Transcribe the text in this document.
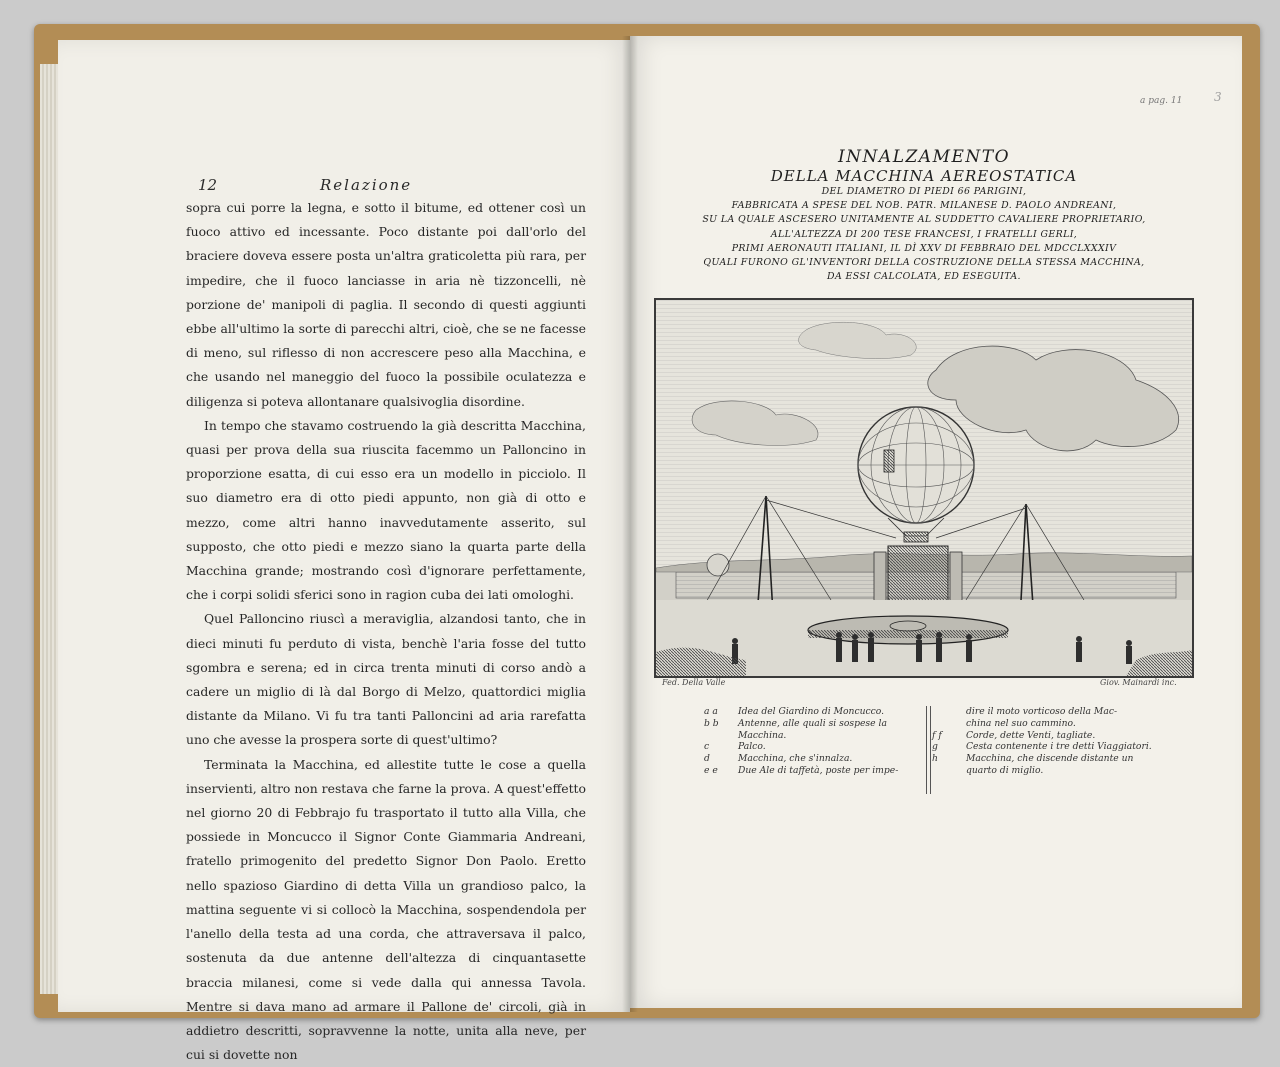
12	Relazione

sopra cui porre la legna, e sotto il bitume, ed ottener così un fuoco attivo ed incessante. Poco distante poi dall'orlo del braciere doveva essere posta un'altra graticoletta più rara, per impedire, che il fuoco lanciasse in aria nè tizzoncelli, nè porzione de' manipoli di paglia. Il secondo di questi aggiunti ebbe all'ultimo la sorte di parecchi altri, cioè, che se ne facesse di meno, sul riflesso di non accrescere peso alla Macchina, e che usando nel maneggio del fuoco la possibile oculatezza e diligenza si poteva allontanare qualsivoglia disordine.

In tempo che stavamo costruendo la già descritta Macchina, quasi per prova della sua riuscita facemmo un Palloncino in proporzione esatta, di cui esso era un modello in picciolo. Il suo diametro era di otto piedi appunto, non già di otto e mezzo, come altri hanno inavvedutamente asserito, sul supposto, che otto piedi e mezzo siano la quarta parte della Macchina grande; mostrando così d'ignorare perfettamente, che i corpi solidi sferici sono in ragion cuba dei lati omologhi.

Quel Palloncino riuscì a meraviglia, alzandosi tanto, che in dieci minuti fu perduto di vista, benchè l'aria fosse del tutto sgombra e serena; ed in circa trenta minuti di corso andò a cadere un miglio di là dal Borgo di Melzo, quattordici miglia distante da Milano. Vi fu tra tanti Palloncini ad aria rarefatta uno che avesse la prospera sorte di quest'ultimo?

Terminata la Macchina, ed allestite tutte le cose a quella inservienti, altro non restava che farne la prova. A quest'effetto nel giorno 20 di Febbrajo fu trasportato il tutto alla Villa, che possiede in Moncucco il Signor Conte Giammaria Andreani, fratello primogenito del predetto Signor Don Paolo. Eretto nello spazioso Giardino di detta Villa un grandioso palco, la mattina seguente vi si collocò la Macchina, sospendendola per l'anello della testa ad una corda, che attraversava il palco, sostenuta da due antenne dell'altezza di cinquantasette braccia milanesi, come si vede dalla qui annessa Tavola. Mentre si dava mano ad armare il Pallone de' circoli, già in addietro descritti, sopravvenne la notte, unita alla neve, per cui si dovette non

a pag. 11	3
INNALZAMENTO
DELLA MACCHINA AEREOSTATICA
DEL DIAMETRO DI PIEDI 66 PARIGINI,
FABBRICATA A SPESE DEL NOB. PATR. MILANESE D. PAOLO ANDREANI,
SU LA QUALE ASCESERO UNITAMENTE AL SUDDETTO CAVALIERE PROPRIETARIO,
ALL'ALTEZZA DI 200 TESE FRANCESI, I FRATELLI GERLI,
PRIMI AERONAUTI ITALIANI, IL DÌ XXV DI FEBBRAIO DEL MDCCLXXXIV
QUALI FURONO GL'INVENTORI DELLA COSTRUZIONE DELLA STESSA MACCHINA,
DA ESSI CALCOLATA, ED ESEGUITA.
Fed. Della Valle	Giov. Mainardi inc.
a a	Idea del Giardino di Moncucco.
b b	Antenne, alle quali si sospese la
Macchina.
c	Palco.
d	Macchina, che s'innalza.
e e	Due Ale di taffetà, poste per impe-
dire il moto vorticoso della Mac-
china nel suo cammino.
f f	Corde, dette Venti, tagliate.
g	Cesta contenente i tre detti Viaggiatori.
h	Macchina, che discende distante un
quarto di miglio.
